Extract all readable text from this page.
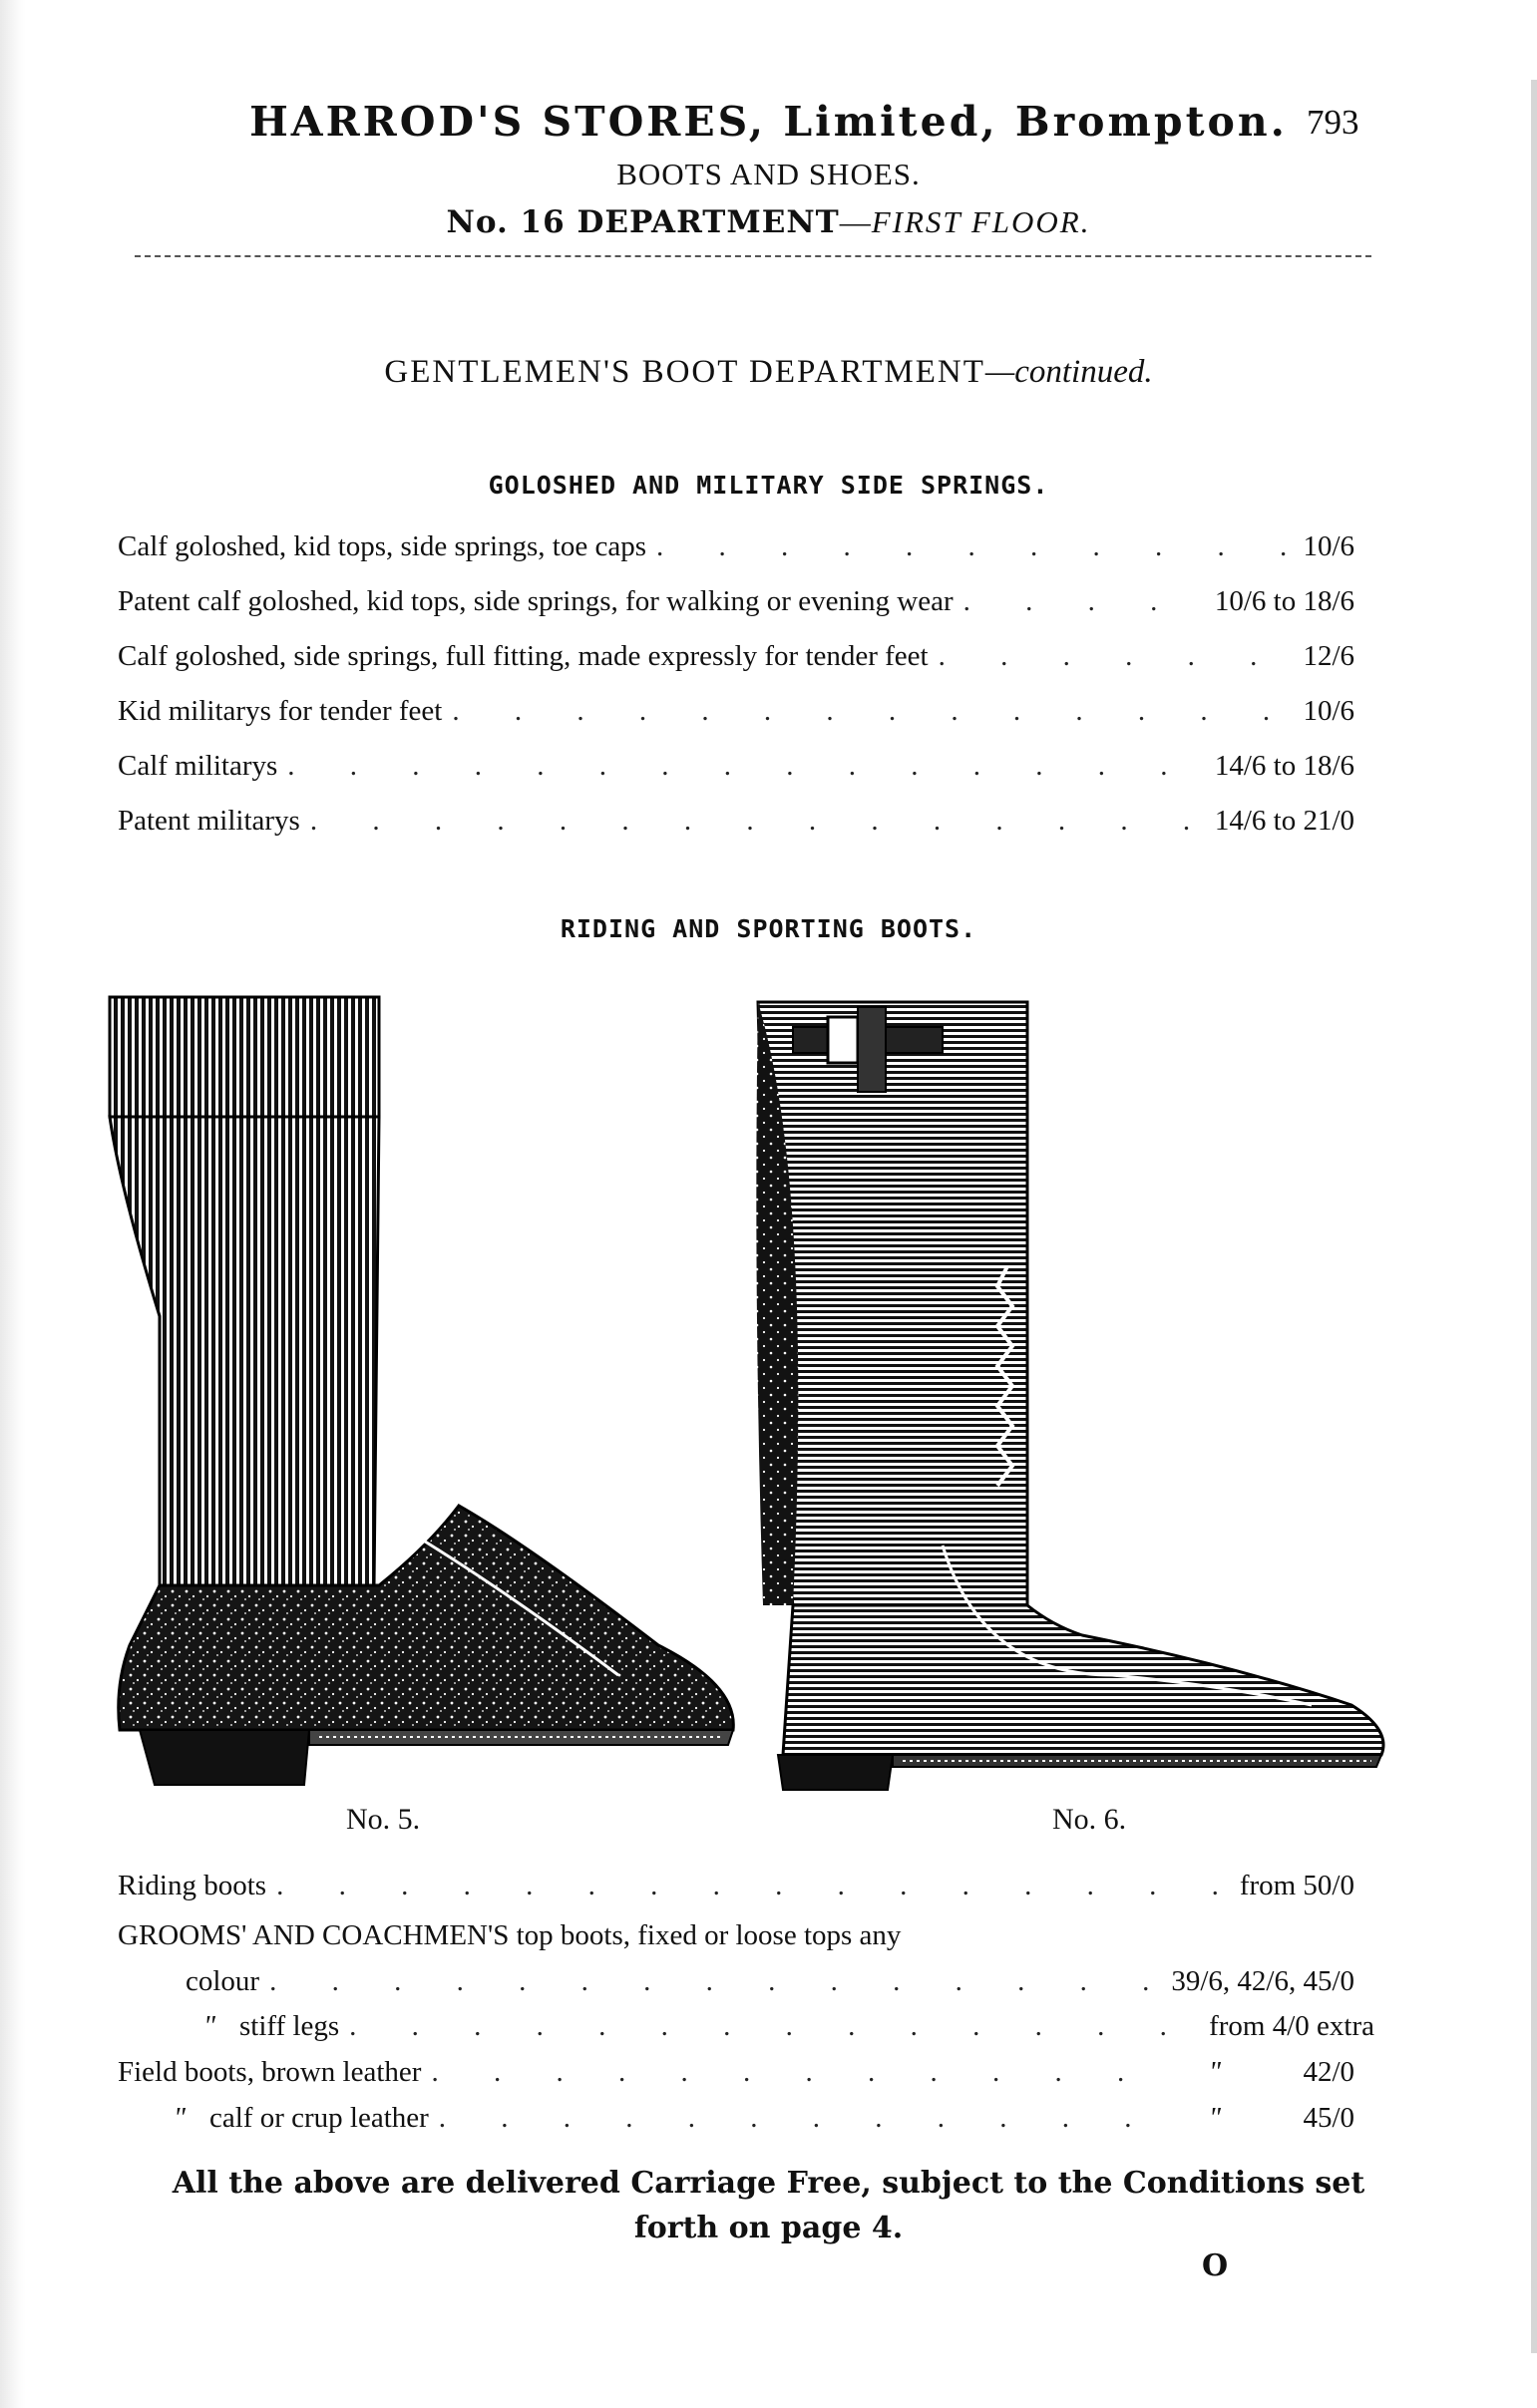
HARROD'S STORES, Limited, Brompton. 793
BOOTS AND SHOES.
No. 16 DEPARTMENT—FIRST FLOOR.
GENTLEMEN'S BOOT DEPARTMENT—continued.
GOLOSHED AND MILITARY SIDE SPRINGS.
Calf goloshed, kid tops, side springs, toe caps . . .	10/6
Patent calf goloshed, kid tops, side springs, for walking or evening wear . . .	10/6 to 18/6
Calf goloshed, side springs, full fitting, made expressly for tender feet . . .	12/6
Kid militarys for tender feet . . .	10/6
Calf militarys . . .	14/6 to 18/6
Patent militarys . . .	14/6 to 21/0
RIDING AND SPORTING BOOTS.
No. 5.	No. 6.
Riding boots . . .	from 50/0
GROOMS' AND COACHMEN'S top boots, fixed or loose tops any
colour . . .	39/6, 42/6, 45/0
" stiff legs . . .	from 4/0 extra
Field boots, brown leather . . .	"	42/0
" calf or crup leather . . .	"	45/0
All the above are delivered Carriage Free, subject to the Conditions set
forth on page 4.
O
